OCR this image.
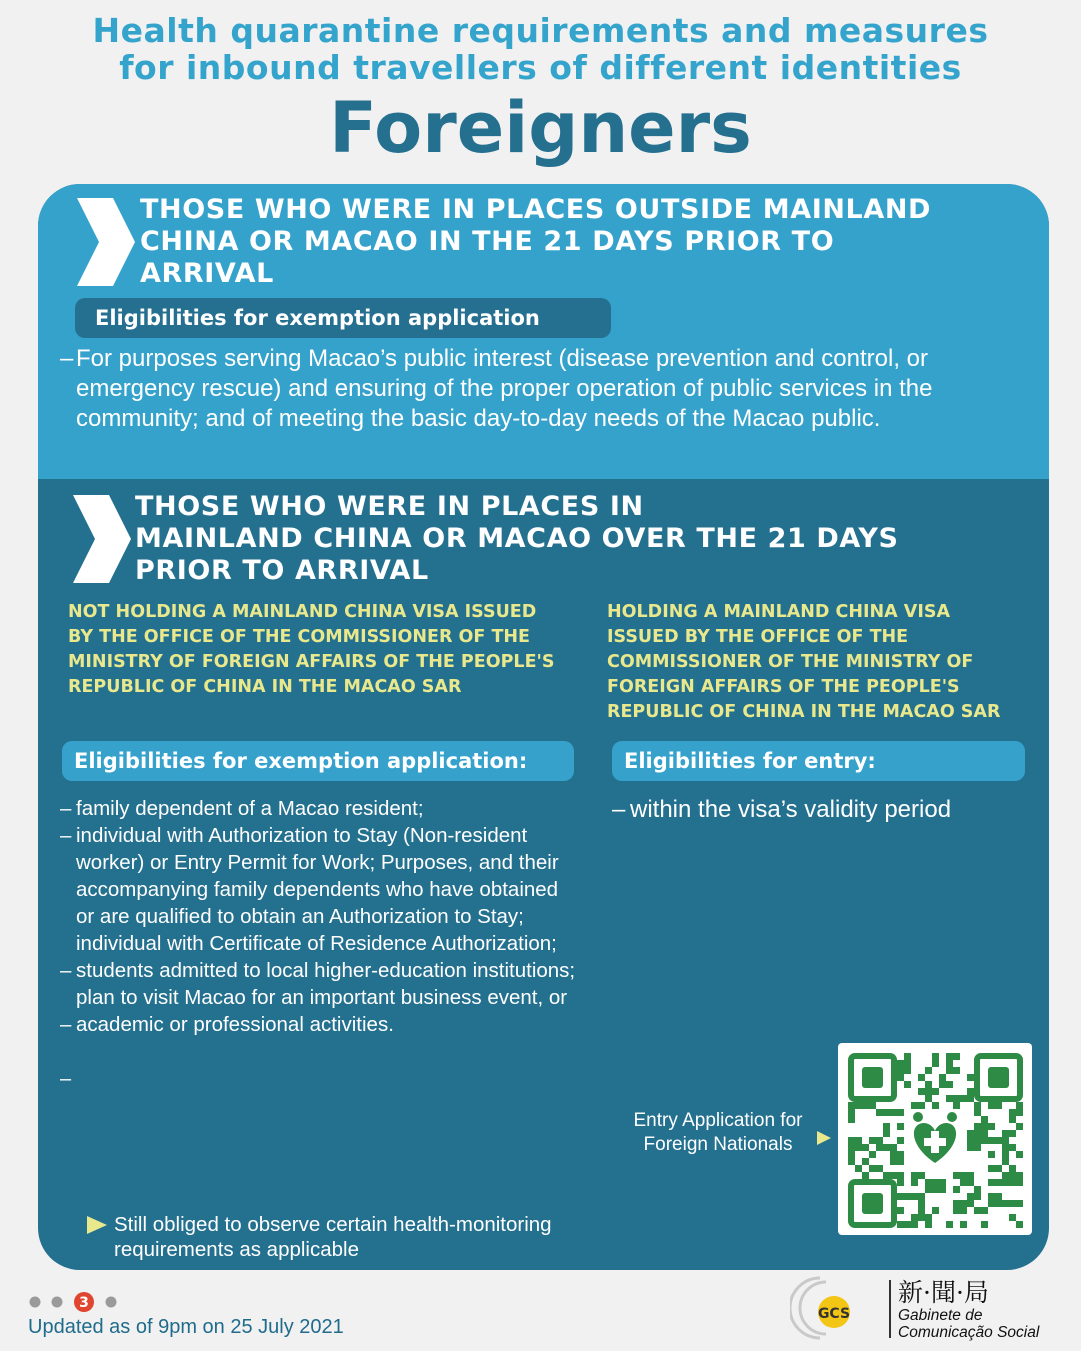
Health quarantine requirements and measures
for inbound travellers of different identities
Foreigners
THOSE WHO WERE IN PLACES OUTSIDE MAINLAND
CHINA OR MACAO IN THE 21 DAYS PRIOR TO
ARRIVAL
Eligibilities for exemption application
– For purposes serving Macao’s public interest (disease prevention and control, or emergency rescue) and ensuring of the proper operation of public services in the community; and of meeting the basic day-to-day needs of the Macao public.
THOSE WHO WERE IN PLACES IN
MAINLAND CHINA OR MACAO OVER THE 21 DAYS
PRIOR TO ARRIVAL
NOT HOLDING A MAINLAND CHINA VISA ISSUED
BY THE OFFICE OF THE COMMISSIONER OF THE
MINISTRY OF FOREIGN AFFAIRS OF THE PEOPLE'S
REPUBLIC OF CHINA IN THE MACAO SAR
Eligibilities for exemption application:
– family dependent of a Macao resident;
– individual with Authorization to Stay (Non-resident
worker) or Entry Permit for Work; Purposes, and their
accompanying family dependents who have obtained
or are qualified to obtain an Authorization to Stay;
individual with Certificate of Residence Authorization;
– students admitted to local higher-education institutions;
plan to visit Macao for an important business event, or
– academic or professional activities.
–
HOLDING A MAINLAND CHINA VISA
ISSUED BY THE OFFICE OF THE
COMMISSIONER OF THE MINISTRY OF
FOREIGN AFFAIRS OF THE PEOPLE'S
REPUBLIC OF CHINA IN THE MACAO SAR
Eligibilities for entry:
– within the visa’s validity period
Entry Application for
Foreign Nationals
Still obliged to observe certain health-monitoring
requirements as applicable
3
Updated as of 9pm on 25 July 2021
GCS
新·聞·局
Gabinete de
Comunicação Social
